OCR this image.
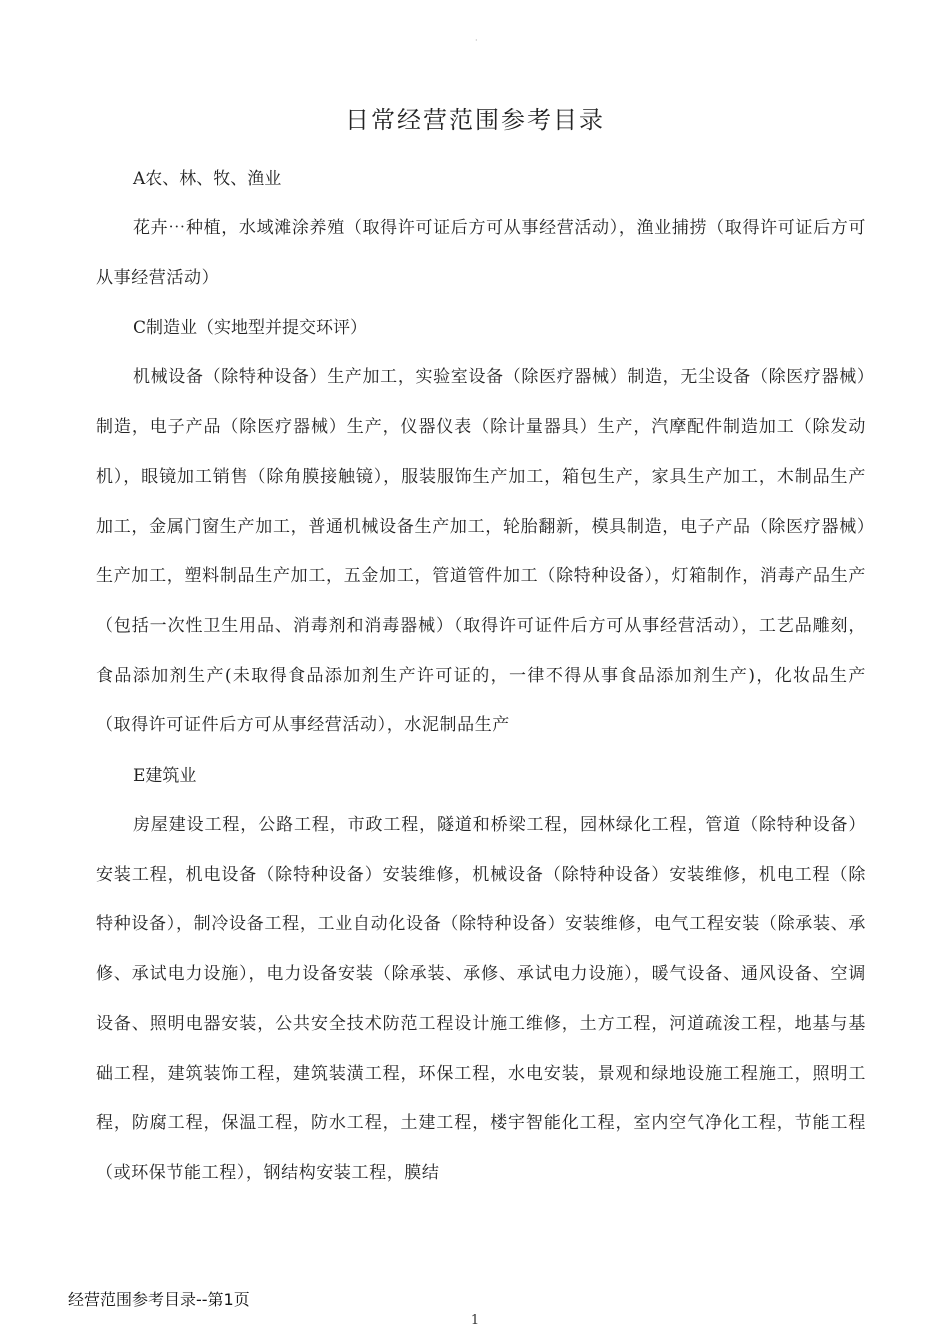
·
日常经营范围参考目录

A农、林、牧、渔业

花卉⋯种植，水域滩涂养殖（取得许可证后方可从事经营活动），渔业捕捞（取得许可证后方可从事经营活动）

C制造业（实地型并提交环评）

机械设备（除特种设备）生产加工，实验室设备（除医疗器械）制造，无尘设备（除医疗器械）制造，电子产品（除医疗器械）生产，仪器仪表（除计量器具）生产，汽摩配件制造加工（除发动机），眼镜加工销售（除角膜接触镜），服装服饰生产加工，箱包生产，家具生产加工，木制品生产加工，金属门窗生产加工，普通机械设备生产加工，轮胎翻新，模具制造，电子产品（除医疗器械）生产加工，塑料制品生产加工，五金加工，管道管件加工（除特种设备），灯箱制作，消毒产品生产（包括一次性卫生用品、消毒剂和消毒器械）（取得许可证件后方可从事经营活动），工艺品雕刻，食品添加剂生产(未取得食品添加剂生产许可证的，一律不得从事食品添加剂生产)，化妆品生产（取得许可证件后方可从事经营活动），水泥制品生产

E建筑业

房屋建设工程，公路工程，市政工程，隧道和桥梁工程，园林绿化工程，管道（除特种设备）安装工程，机电设备（除特种设备）安装维修，机械设备（除特种设备）安装维修，机电工程（除特种设备），制冷设备工程，工业自动化设备（除特种设备）安装维修，电气工程安装（除承装、承修、承试电力设施），电力设备安装（除承装、承修、承试电力设施），暖气设备、通风设备、空调设备、照明电器安装，公共安全技术防范工程设计施工维修，土方工程，河道疏浚工程，地基与基础工程，建筑装饰工程，建筑装潢工程，环保工程，水电安装，景观和绿地设施工程施工，照明工程，防腐工程，保温工程，防水工程，土建工程，楼宇智能化工程，室内空气净化工程，节能工程（或环保节能工程），钢结构安装工程，膜结

经营范围参考目录--第1页
1
